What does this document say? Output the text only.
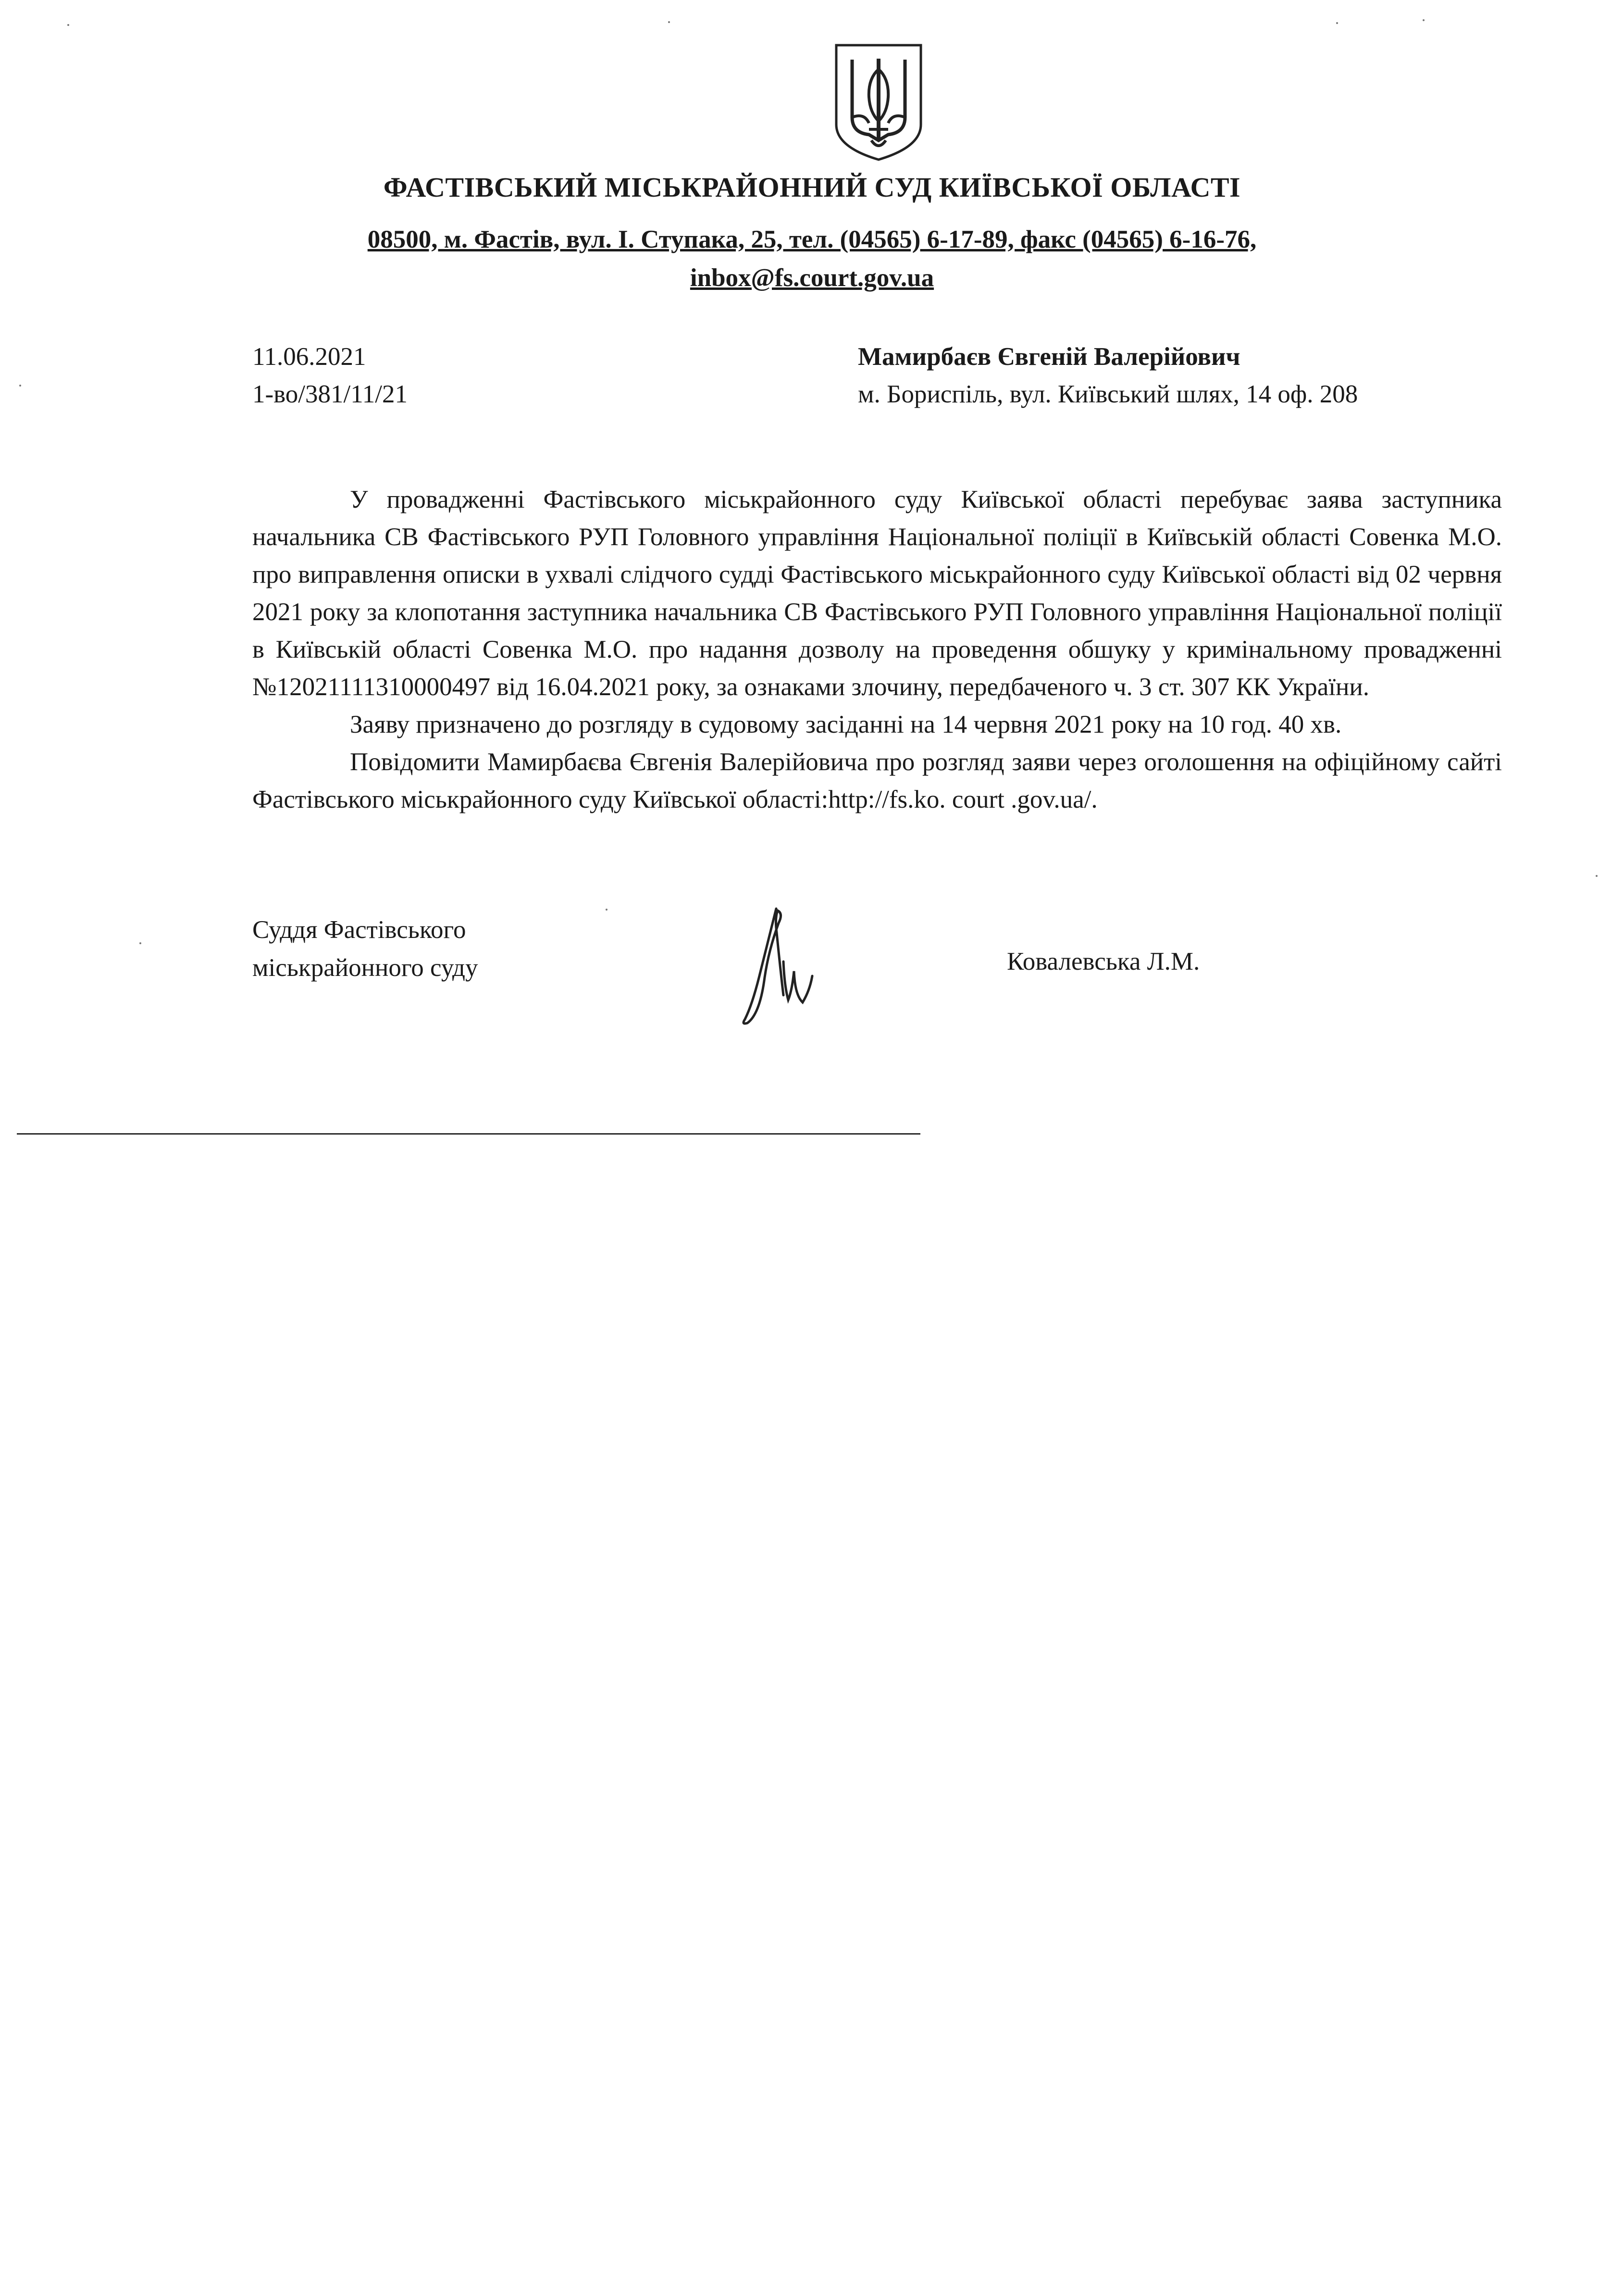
ФАСТІВСЬКИЙ МІСЬКРАЙОННИЙ СУД КИЇВСЬКОЇ ОБЛАСТІ
08500, м. Фастів, вул. І. Ступака, 25, тел. (04565) 6-17-89, факс (04565) 6-16-76,
inbox@fs.court.gov.ua
11.06.2021
1-во/381/11/21
Мамирбаєв Євгеній Валерійович
м. Бориспіль, вул. Київський шлях, 14 оф. 208

У провадженні Фастівського міськрайонного суду Київської області перебуває заява заступника начальника СВ Фастівського РУП Головного управління Національної поліції в Київській області Совенка М.О. про виправлення описки в ухвалі слідчого судді Фастівського міськрайонного суду Київської області від 02 червня 2021 року за клопотання заступника начальника СВ Фастівського РУП Головного управління Національної поліції в Київській області Совенка М.О. про надання дозволу на проведення обшуку у кримінальному провадженні №12021111310000497 від 16.04.2021 року, за ознаками злочину, передбаченого ч. 3 ст. 307 КК України.

Заяву призначено до розгляду в судовому засіданні на 14 червня 2021 року на 10 год. 40 хв.

Повідомити Мамирбаєва Євгенія Валерійовича про розгляд заяви через оголошення на офіційному сайті Фастівського міськрайонного суду Київської області:http://fs.ko. court .gov.ua/.

Суддя Фастівського
міськрайонного суду	Ковалевська Л.М.
